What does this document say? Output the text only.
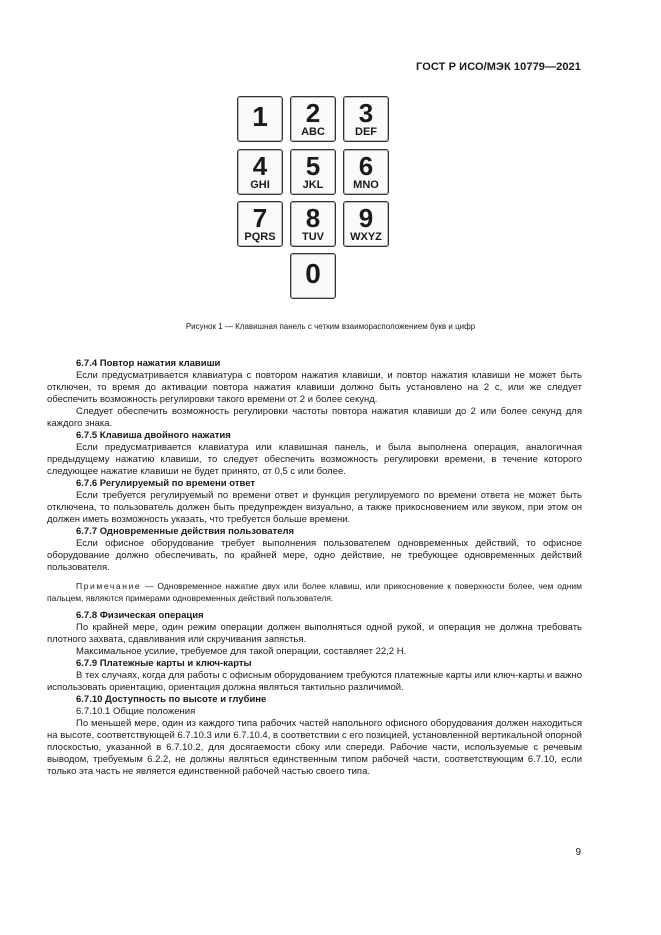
ГОСТ Р ИСО/МЭК 10779—2021
1	2
ABC
3
DEF
4
GHI
5
JKL
6
MNO
7
PQRS
8
TUV
9
WXYZ
0
Рисунок 1 — Клавишная панель с четким взаиморасположением букв и цифр

6.7.4 Повтор нажатия клавиши

Если предусматривается клавиатура с повтором нажатия клавиши, и повтор нажатия клавиши не может быть отключен, то время до активации повтора нажатия клавиши должно быть установлено на 2 с, или же следует обеспечить возможность регулировки такого времени от 2 и более секунд.

Следует обеспечить возможность регулировки частоты повтора нажатия клавиши до 2 или более секунд для каждого знака.

6.7.5 Клавиша двойного нажатия

Если предусматривается клавиатура или клавишная панель, и была выполнена операция, аналогичная предыдущему нажатию клавиши, то следует обеспечить возможность регулировки времени, в течение которого следующее нажатие клавиши не будет принято, от 0,5 с или более.

6.7.6 Регулируемый по времени ответ

Если требуется регулируемый по времени ответ и функция регулируемого по времени ответа не может быть отключена, то пользователь должен быть предупрежден визуально, а также прикосновением или звуком, при этом он должен иметь возможность указать, что требуется больше времени.

6.7.7 Одновременные действия пользователя

Если офисное оборудование требует выполнения пользователем одновременных действий, то офисное оборудование должно обеспечивать, по крайней мере, одно действие, не требующее одновременных действий пользователя.

Примечание — Одновременное нажатие двух или более клавиш, или прикосновение к поверхности более, чем одним пальцем, являются примерами одновременных действий пользователя.

6.7.8 Физическая операция

По крайней мере, один режим операции должен выполняться одной рукой, и операция не должна требовать плотного захвата, сдавливания или скручивания запястья.

Максимальное усилие, требуемое для такой операции, составляет 22,2 Н.

6.7.9 Платежные карты и ключ-карты

В тех случаях, когда для работы с офисным оборудованием требуются платежные карты или ключ-карты и важно использовать ориентацию, ориентация должна являться тактильно различимой.

6.7.10 Доступность по высоте и глубине

6.7.10.1 Общие положения

По меньшей мере, один из каждого типа рабочих частей напольного офисного оборудования должен находиться на высоте, соответствующей 6.7.10.3 или 6.7.10.4, в соответствии с его позицией, установленной вертикальной опорной плоскостью, указанной в 6.7.10.2, для досягаемости сбоку или спереди. Рабочие части, используемые с речевым выводом, требуемым 6.2.2, не должны являться единственным типом рабочей части, соответствующим 6.7.10, если только эта часть не является единственной рабочей частью своего типа.

9
